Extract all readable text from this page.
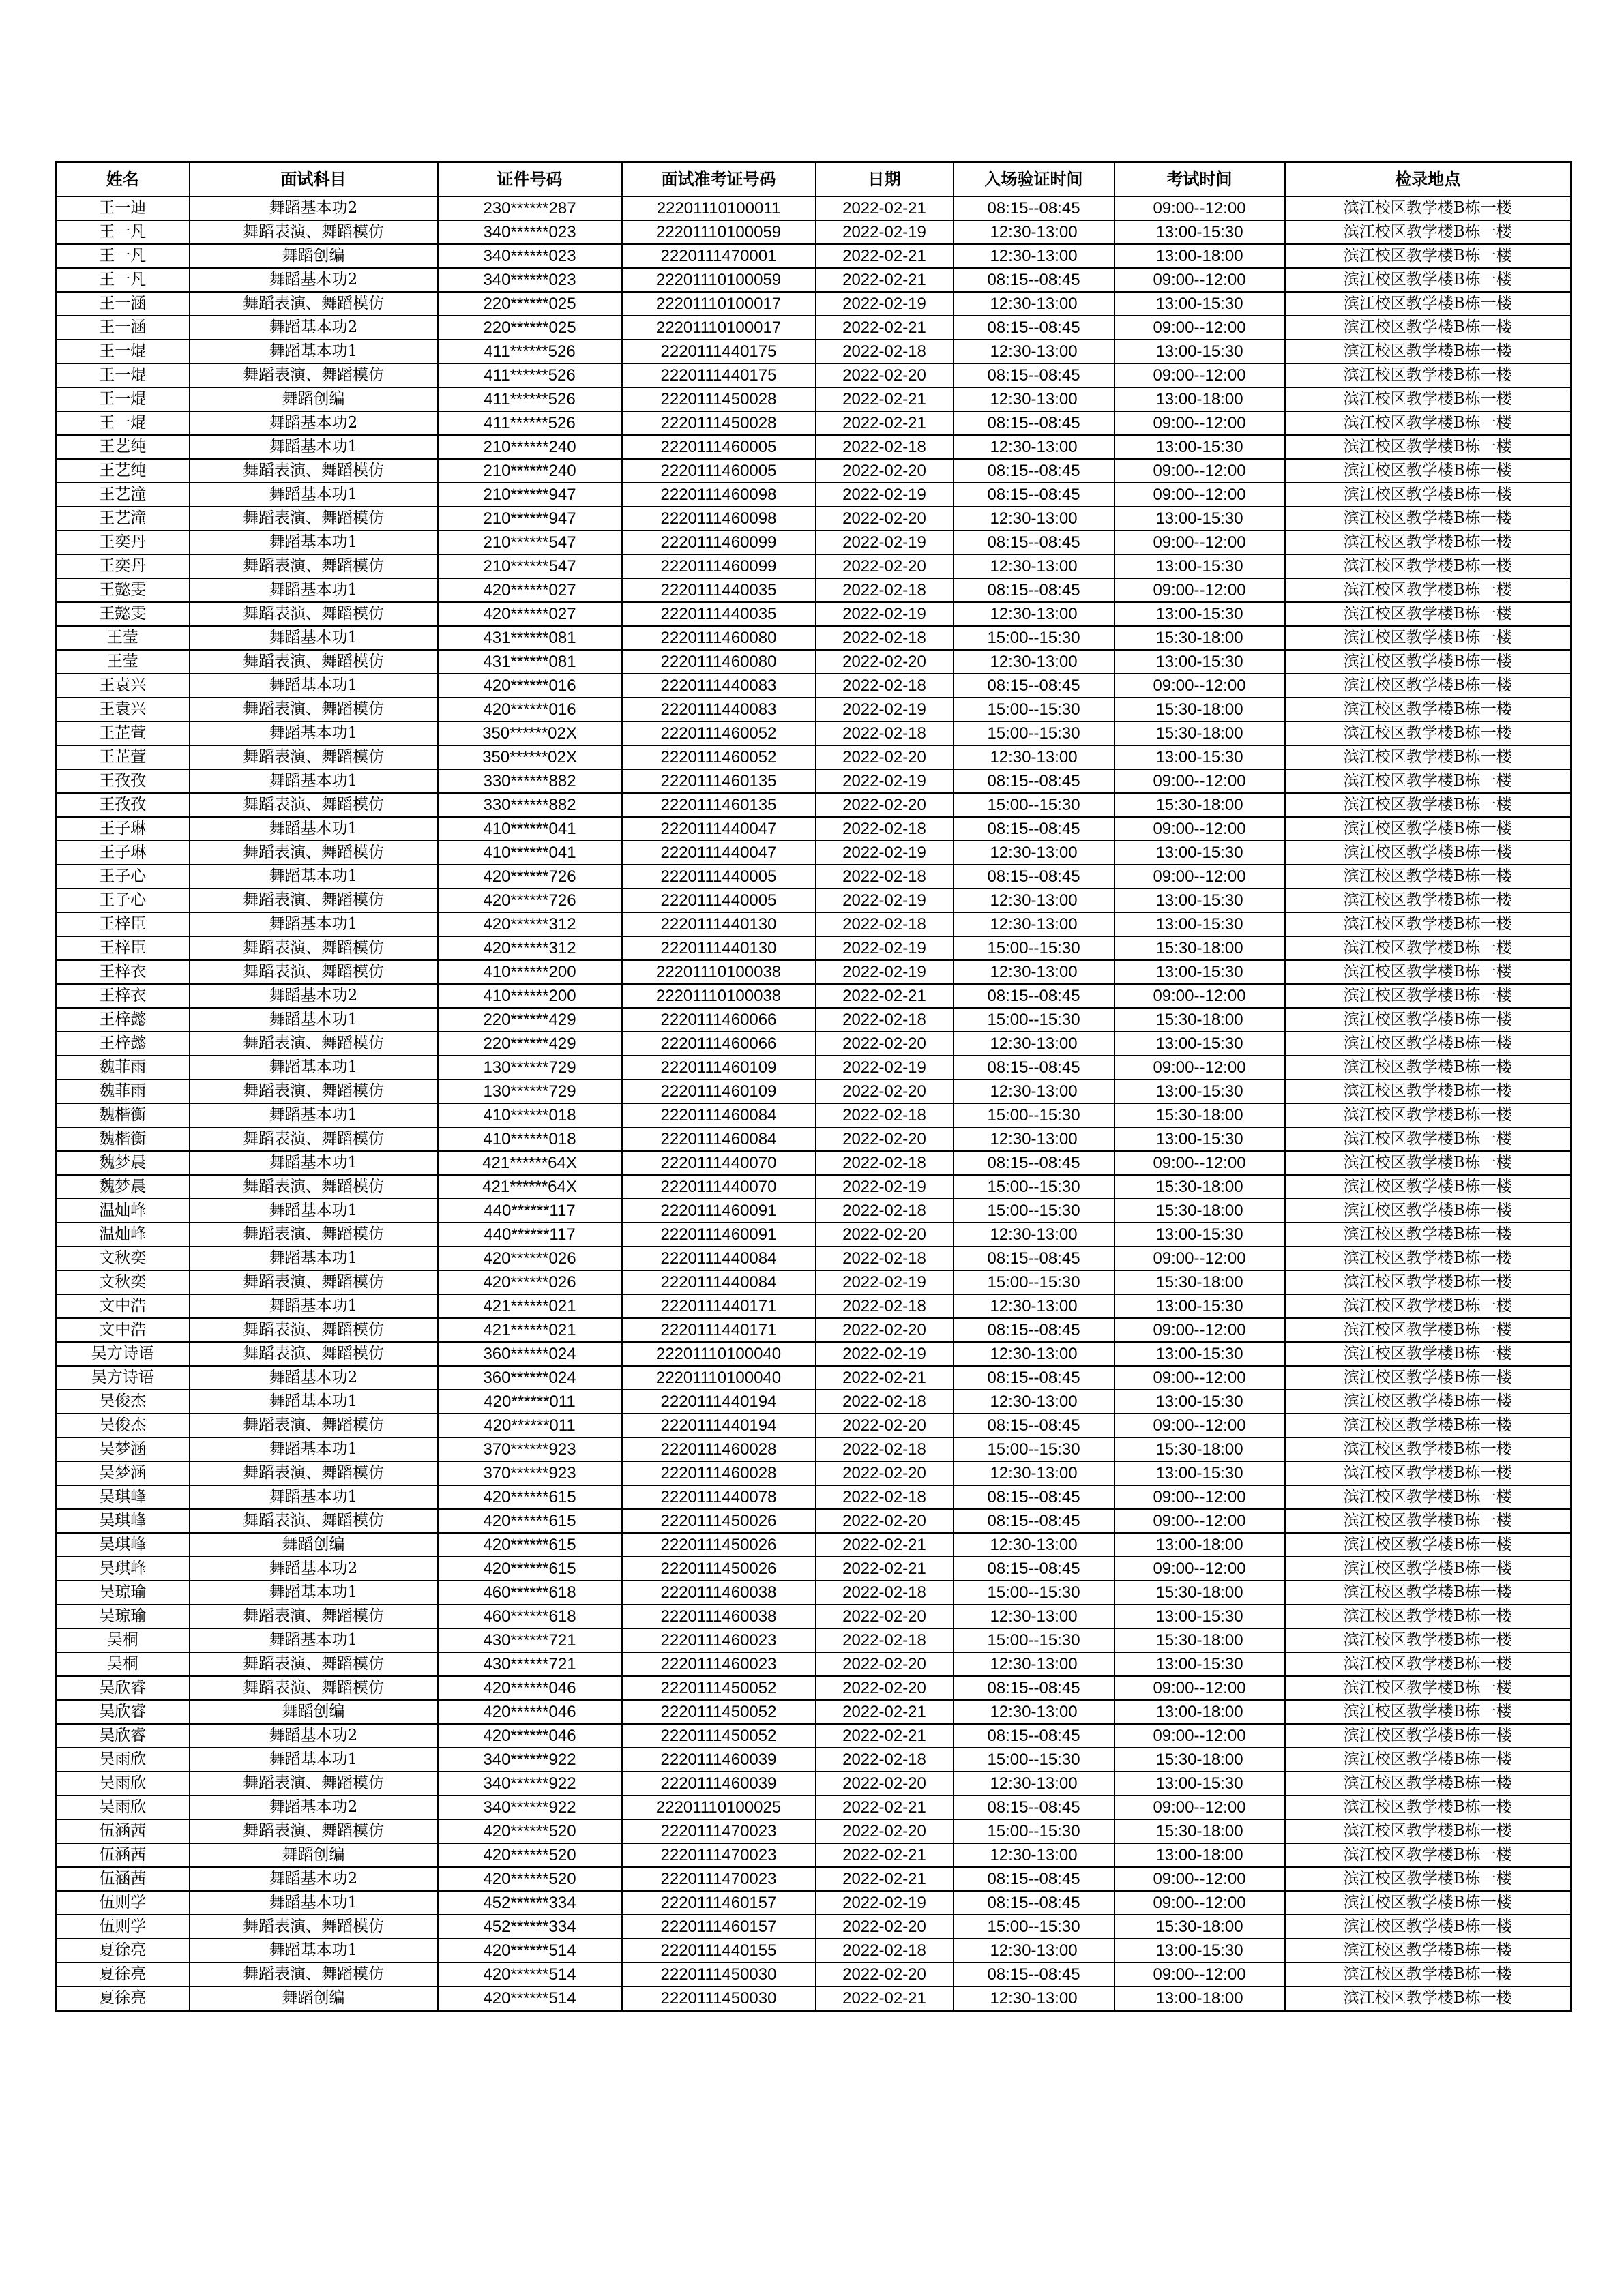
姓名	面试科目	证件号码	面试准考证号码	日期	入场验证时间	考试时间	检录地点
王一迪	舞蹈基本功2	230******287	22201110100011	2022-02-21	08:15--08:45	09:00--12:00	滨江校区教学楼B栋一楼
王一凡	舞蹈表演、舞蹈模仿	340******023	22201110100059	2022-02-19	12:30-13:00	13:00-15:30	滨江校区教学楼B栋一楼
王一凡	舞蹈创编	340******023	2220111470001	2022-02-21	12:30-13:00	13:00-18:00	滨江校区教学楼B栋一楼
王一凡	舞蹈基本功2	340******023	22201110100059	2022-02-21	08:15--08:45	09:00--12:00	滨江校区教学楼B栋一楼
王一涵	舞蹈表演、舞蹈模仿	220******025	22201110100017	2022-02-19	12:30-13:00	13:00-15:30	滨江校区教学楼B栋一楼
王一涵	舞蹈基本功2	220******025	22201110100017	2022-02-21	08:15--08:45	09:00--12:00	滨江校区教学楼B栋一楼
王一焜	舞蹈基本功1	411******526	2220111440175	2022-02-18	12:30-13:00	13:00-15:30	滨江校区教学楼B栋一楼
王一焜	舞蹈表演、舞蹈模仿	411******526	2220111440175	2022-02-20	08:15--08:45	09:00--12:00	滨江校区教学楼B栋一楼
王一焜	舞蹈创编	411******526	2220111450028	2022-02-21	12:30-13:00	13:00-18:00	滨江校区教学楼B栋一楼
王一焜	舞蹈基本功2	411******526	2220111450028	2022-02-21	08:15--08:45	09:00--12:00	滨江校区教学楼B栋一楼
王艺纯	舞蹈基本功1	210******240	2220111460005	2022-02-18	12:30-13:00	13:00-15:30	滨江校区教学楼B栋一楼
王艺纯	舞蹈表演、舞蹈模仿	210******240	2220111460005	2022-02-20	08:15--08:45	09:00--12:00	滨江校区教学楼B栋一楼
王艺潼	舞蹈基本功1	210******947	2220111460098	2022-02-19	08:15--08:45	09:00--12:00	滨江校区教学楼B栋一楼
王艺潼	舞蹈表演、舞蹈模仿	210******947	2220111460098	2022-02-20	12:30-13:00	13:00-15:30	滨江校区教学楼B栋一楼
王奕丹	舞蹈基本功1	210******547	2220111460099	2022-02-19	08:15--08:45	09:00--12:00	滨江校区教学楼B栋一楼
王奕丹	舞蹈表演、舞蹈模仿	210******547	2220111460099	2022-02-20	12:30-13:00	13:00-15:30	滨江校区教学楼B栋一楼
王懿雯	舞蹈基本功1	420******027	2220111440035	2022-02-18	08:15--08:45	09:00--12:00	滨江校区教学楼B栋一楼
王懿雯	舞蹈表演、舞蹈模仿	420******027	2220111440035	2022-02-19	12:30-13:00	13:00-15:30	滨江校区教学楼B栋一楼
王莹	舞蹈基本功1	431******081	2220111460080	2022-02-18	15:00--15:30	15:30-18:00	滨江校区教学楼B栋一楼
王莹	舞蹈表演、舞蹈模仿	431******081	2220111460080	2022-02-20	12:30-13:00	13:00-15:30	滨江校区教学楼B栋一楼
王袁兴	舞蹈基本功1	420******016	2220111440083	2022-02-18	08:15--08:45	09:00--12:00	滨江校区教学楼B栋一楼
王袁兴	舞蹈表演、舞蹈模仿	420******016	2220111440083	2022-02-19	15:00--15:30	15:30-18:00	滨江校区教学楼B栋一楼
王芷萱	舞蹈基本功1	350******02X	2220111460052	2022-02-18	15:00--15:30	15:30-18:00	滨江校区教学楼B栋一楼
王芷萱	舞蹈表演、舞蹈模仿	350******02X	2220111460052	2022-02-20	12:30-13:00	13:00-15:30	滨江校区教学楼B栋一楼
王孜孜	舞蹈基本功1	330******882	2220111460135	2022-02-19	08:15--08:45	09:00--12:00	滨江校区教学楼B栋一楼
王孜孜	舞蹈表演、舞蹈模仿	330******882	2220111460135	2022-02-20	15:00--15:30	15:30-18:00	滨江校区教学楼B栋一楼
王子琳	舞蹈基本功1	410******041	2220111440047	2022-02-18	08:15--08:45	09:00--12:00	滨江校区教学楼B栋一楼
王子琳	舞蹈表演、舞蹈模仿	410******041	2220111440047	2022-02-19	12:30-13:00	13:00-15:30	滨江校区教学楼B栋一楼
王子心	舞蹈基本功1	420******726	2220111440005	2022-02-18	08:15--08:45	09:00--12:00	滨江校区教学楼B栋一楼
王子心	舞蹈表演、舞蹈模仿	420******726	2220111440005	2022-02-19	12:30-13:00	13:00-15:30	滨江校区教学楼B栋一楼
王梓臣	舞蹈基本功1	420******312	2220111440130	2022-02-18	12:30-13:00	13:00-15:30	滨江校区教学楼B栋一楼
王梓臣	舞蹈表演、舞蹈模仿	420******312	2220111440130	2022-02-19	15:00--15:30	15:30-18:00	滨江校区教学楼B栋一楼
王梓衣	舞蹈表演、舞蹈模仿	410******200	22201110100038	2022-02-19	12:30-13:00	13:00-15:30	滨江校区教学楼B栋一楼
王梓衣	舞蹈基本功2	410******200	22201110100038	2022-02-21	08:15--08:45	09:00--12:00	滨江校区教学楼B栋一楼
王梓懿	舞蹈基本功1	220******429	2220111460066	2022-02-18	15:00--15:30	15:30-18:00	滨江校区教学楼B栋一楼
王梓懿	舞蹈表演、舞蹈模仿	220******429	2220111460066	2022-02-20	12:30-13:00	13:00-15:30	滨江校区教学楼B栋一楼
魏菲雨	舞蹈基本功1	130******729	2220111460109	2022-02-19	08:15--08:45	09:00--12:00	滨江校区教学楼B栋一楼
魏菲雨	舞蹈表演、舞蹈模仿	130******729	2220111460109	2022-02-20	12:30-13:00	13:00-15:30	滨江校区教学楼B栋一楼
魏楷衡	舞蹈基本功1	410******018	2220111460084	2022-02-18	15:00--15:30	15:30-18:00	滨江校区教学楼B栋一楼
魏楷衡	舞蹈表演、舞蹈模仿	410******018	2220111460084	2022-02-20	12:30-13:00	13:00-15:30	滨江校区教学楼B栋一楼
魏梦晨	舞蹈基本功1	421******64X	2220111440070	2022-02-18	08:15--08:45	09:00--12:00	滨江校区教学楼B栋一楼
魏梦晨	舞蹈表演、舞蹈模仿	421******64X	2220111440070	2022-02-19	15:00--15:30	15:30-18:00	滨江校区教学楼B栋一楼
温灿峰	舞蹈基本功1	440******117	2220111460091	2022-02-18	15:00--15:30	15:30-18:00	滨江校区教学楼B栋一楼
温灿峰	舞蹈表演、舞蹈模仿	440******117	2220111460091	2022-02-20	12:30-13:00	13:00-15:30	滨江校区教学楼B栋一楼
文秋奕	舞蹈基本功1	420******026	2220111440084	2022-02-18	08:15--08:45	09:00--12:00	滨江校区教学楼B栋一楼
文秋奕	舞蹈表演、舞蹈模仿	420******026	2220111440084	2022-02-19	15:00--15:30	15:30-18:00	滨江校区教学楼B栋一楼
文中浩	舞蹈基本功1	421******021	2220111440171	2022-02-18	12:30-13:00	13:00-15:30	滨江校区教学楼B栋一楼
文中浩	舞蹈表演、舞蹈模仿	421******021	2220111440171	2022-02-20	08:15--08:45	09:00--12:00	滨江校区教学楼B栋一楼
吴方诗语	舞蹈表演、舞蹈模仿	360******024	22201110100040	2022-02-19	12:30-13:00	13:00-15:30	滨江校区教学楼B栋一楼
吴方诗语	舞蹈基本功2	360******024	22201110100040	2022-02-21	08:15--08:45	09:00--12:00	滨江校区教学楼B栋一楼
吴俊杰	舞蹈基本功1	420******011	2220111440194	2022-02-18	12:30-13:00	13:00-15:30	滨江校区教学楼B栋一楼
吴俊杰	舞蹈表演、舞蹈模仿	420******011	2220111440194	2022-02-20	08:15--08:45	09:00--12:00	滨江校区教学楼B栋一楼
吴梦涵	舞蹈基本功1	370******923	2220111460028	2022-02-18	15:00--15:30	15:30-18:00	滨江校区教学楼B栋一楼
吴梦涵	舞蹈表演、舞蹈模仿	370******923	2220111460028	2022-02-20	12:30-13:00	13:00-15:30	滨江校区教学楼B栋一楼
吴琪峰	舞蹈基本功1	420******615	2220111440078	2022-02-18	08:15--08:45	09:00--12:00	滨江校区教学楼B栋一楼
吴琪峰	舞蹈表演、舞蹈模仿	420******615	2220111450026	2022-02-20	08:15--08:45	09:00--12:00	滨江校区教学楼B栋一楼
吴琪峰	舞蹈创编	420******615	2220111450026	2022-02-21	12:30-13:00	13:00-18:00	滨江校区教学楼B栋一楼
吴琪峰	舞蹈基本功2	420******615	2220111450026	2022-02-21	08:15--08:45	09:00--12:00	滨江校区教学楼B栋一楼
吴琼瑜	舞蹈基本功1	460******618	2220111460038	2022-02-18	15:00--15:30	15:30-18:00	滨江校区教学楼B栋一楼
吴琼瑜	舞蹈表演、舞蹈模仿	460******618	2220111460038	2022-02-20	12:30-13:00	13:00-15:30	滨江校区教学楼B栋一楼
吴桐	舞蹈基本功1	430******721	2220111460023	2022-02-18	15:00--15:30	15:30-18:00	滨江校区教学楼B栋一楼
吴桐	舞蹈表演、舞蹈模仿	430******721	2220111460023	2022-02-20	12:30-13:00	13:00-15:30	滨江校区教学楼B栋一楼
吴欣睿	舞蹈表演、舞蹈模仿	420******046	2220111450052	2022-02-20	08:15--08:45	09:00--12:00	滨江校区教学楼B栋一楼
吴欣睿	舞蹈创编	420******046	2220111450052	2022-02-21	12:30-13:00	13:00-18:00	滨江校区教学楼B栋一楼
吴欣睿	舞蹈基本功2	420******046	2220111450052	2022-02-21	08:15--08:45	09:00--12:00	滨江校区教学楼B栋一楼
吴雨欣	舞蹈基本功1	340******922	2220111460039	2022-02-18	15:00--15:30	15:30-18:00	滨江校区教学楼B栋一楼
吴雨欣	舞蹈表演、舞蹈模仿	340******922	2220111460039	2022-02-20	12:30-13:00	13:00-15:30	滨江校区教学楼B栋一楼
吴雨欣	舞蹈基本功2	340******922	22201110100025	2022-02-21	08:15--08:45	09:00--12:00	滨江校区教学楼B栋一楼
伍涵茜	舞蹈表演、舞蹈模仿	420******520	2220111470023	2022-02-20	15:00--15:30	15:30-18:00	滨江校区教学楼B栋一楼
伍涵茜	舞蹈创编	420******520	2220111470023	2022-02-21	12:30-13:00	13:00-18:00	滨江校区教学楼B栋一楼
伍涵茜	舞蹈基本功2	420******520	2220111470023	2022-02-21	08:15--08:45	09:00--12:00	滨江校区教学楼B栋一楼
伍则学	舞蹈基本功1	452******334	2220111460157	2022-02-19	08:15--08:45	09:00--12:00	滨江校区教学楼B栋一楼
伍则学	舞蹈表演、舞蹈模仿	452******334	2220111460157	2022-02-20	15:00--15:30	15:30-18:00	滨江校区教学楼B栋一楼
夏徐亮	舞蹈基本功1	420******514	2220111440155	2022-02-18	12:30-13:00	13:00-15:30	滨江校区教学楼B栋一楼
夏徐亮	舞蹈表演、舞蹈模仿	420******514	2220111450030	2022-02-20	08:15--08:45	09:00--12:00	滨江校区教学楼B栋一楼
夏徐亮	舞蹈创编	420******514	2220111450030	2022-02-21	12:30-13:00	13:00-18:00	滨江校区教学楼B栋一楼
